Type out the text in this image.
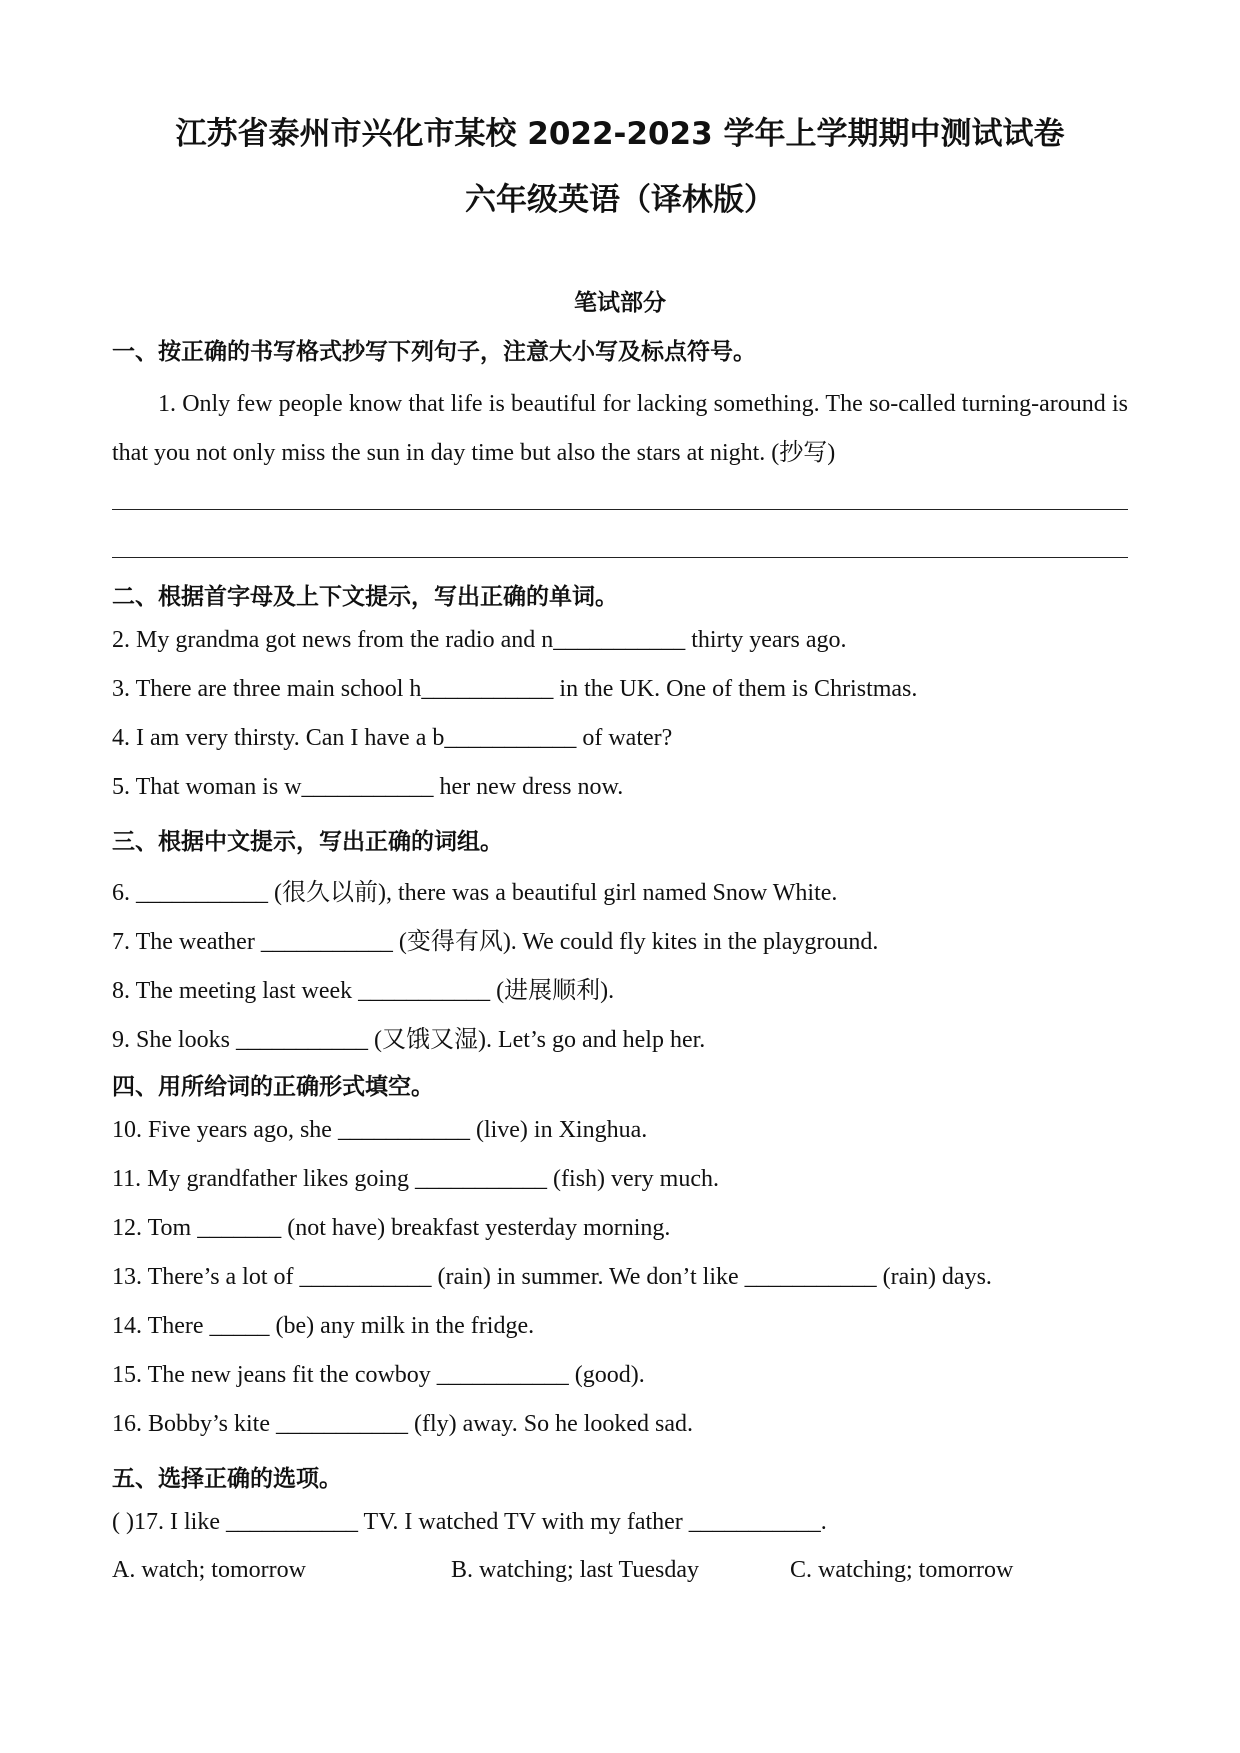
江苏省泰州市兴化市某校 2022-2023 学年上学期期中测试试卷
六年级英语（译林版）
笔试部分
一、按正确的书写格式抄写下列句子，注意大小写及标点符号。
1. Only few people know that life is beautiful for lacking something. The so-called turning-around is that you not only miss the sun in day time but also the stars at night. (抄写)
二、根据首字母及上下文提示，写出正确的单词。
2. My grandma got news from the radio and n___________ thirty years ago.
3. There are three main school h___________ in the UK. One of them is Christmas.
4. I am very thirsty. Can I have a b___________ of water?
5. That woman is w___________ her new dress now.
三、根据中文提示，写出正确的词组。
6. ___________ (很久以前), there was a beautiful girl named Snow White.
7. The weather ___________ (变得有风). We could fly kites in the playground.
8. The meeting last week ___________ (进展顺利).
9. She looks ___________ (又饿又湿). Let’s go and help her.
四、用所给词的正确形式填空。
10. Five years ago, she ___________ (live) in Xinghua.
11. My grandfather likes going ___________ (fish) very much.
12. Tom _______ (not have) breakfast yesterday morning.
13. There’s a lot of ___________ (rain) in summer. We don’t like ___________ (rain) days.
14. There _____ (be) any milk in the fridge.
15. The new jeans fit the cowboy ___________ (good).
16. Bobby’s kite ___________ (fly) away. So he looked sad.
五、选择正确的选项。
( )17. I like ___________ TV. I watched TV with my father ___________.
A. watch; tomorrow	B. watching; last Tuesday	C. watching; tomorrow
